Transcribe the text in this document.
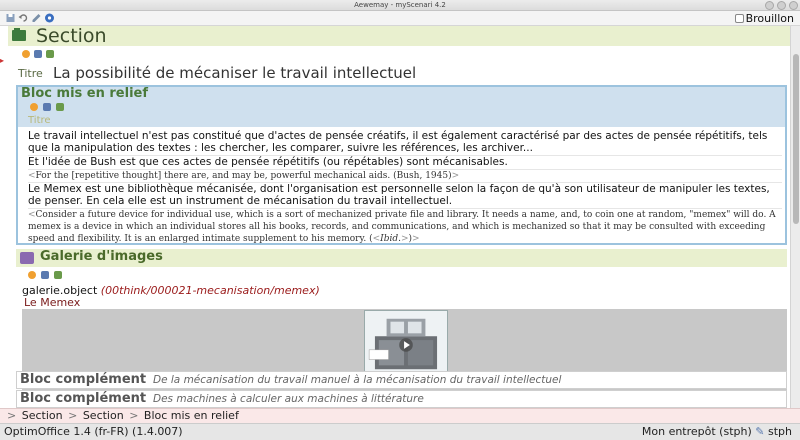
Aewemay - myScenari 4.2
Brouillon
Section
▸
Titre La possibilité de mécaniser le travail intellectuel
Bloc mis en relief
Titre
Le travail intellectuel n'est pas constitué que d'actes de pensée créatifs, il est également caractérisé par des actes de pensée répétitifs, tels que la manipulation des textes : les chercher, les comparer, suivre les références, les archiver...
Et l'idée de Bush est que ces actes de pensée répétitifs (ou répétables) sont mécanisables.
<For the [repetitive thought] there are, and may be, powerful mechanical aids. (Bush, 1945)>
Le Memex est une bibliothèque mécanisée, dont l'organisation est personnelle selon la façon de qu'à son utilisateur de manipuler les textes, de penser. En cela elle est un instrument de mécanisation du travail intellectuel.
<Consider a future device for individual use, which is a sort of mechanized private file and library. It needs a name, and, to coin one at random, "memex" will do. A memex is a device in which an individual stores all his books, records, and communications, and which is mechanized so that it may be consulted with exceeding speed and flexibility. It is an enlarged intimate supplement to his memory. (<Ibid.>)>
Galerie d'images
galerie.object (00think/000021-mecanisation/memex)
Le Memex
Bloc complément De la mécanisation du travail manuel à la mécanisation du travail intellectuel
Bloc complément Des machines à calculer aux machines à littérature
> Section > Section > Bloc mis en relief
OptimOffice 1.4 (fr-FR) (1.4.007)	Mon entrepôt (stph) ✎ stph
